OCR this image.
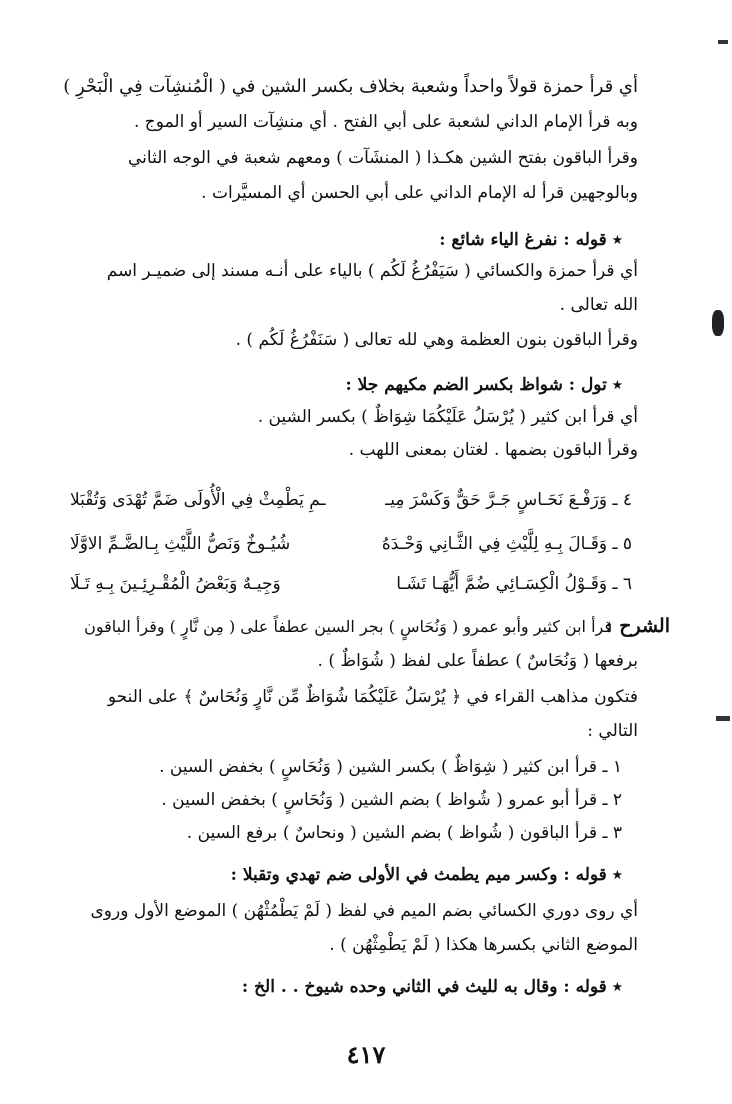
أي قرأ حمزة قولاً واحداً وشعبة بخلاف بكسر الشين في ( الْمُنشِآت فِي الْبَحْرِ )
وبه قرأ الإمام الداني لشعبة على أبي الفتح . أي منشِآت السير أو الموج .
وقرأ الباقون بفتح الشين هكـذا ( المنشَآت ) ومعهم شعبة في الوجه الثاني
وبالوجهين قرأ له الإمام الداني على أبي الحسن أي المسيَّرات .
٭ قوله : نفرغ الياء شائع :
أي قرأ حمزة والكسائي ( سَيَفْرُغُ لَكُم ) بالياء على أنـه مسند إلى ضميـر اسم
الله تعالى .
وقرأ الباقون بنون العظمة وهي لله تعالى ( سَنَفْرُغُ لَكُم ) .
٭ تول : شواظ بكسر الضم مكيهم جلا :
أي قرأ ابن كثير ( يُرْسَلُ عَلَيْكُمَا شِوَاظٌ ) بكسر الشين .
وقرأ الباقون بضمها . لغتان بمعنى اللهب .
٤ ـ وَرَفْـعَ نَحَـاسٍ جَـرَّ حَقٌّ وَكَسْرَ مِيـ
ـمِ يَطْمِثْ فِي الْأُولَى ضَمَّ تُهْدَى وَتُقْبَلا
٥ ـ وَقَـالَ بِـهِ لِلَّيْثِ فِي الثَّـانِي وَحْـدَهُ
شُيُـوخٌ وَنَصُّ اللَّيْثِ بِـالضَّـمِّ الاوَّلَا
٦ ـ وَقَـوْلُ الْكِسَـائِي ضُمَّ أَيُّهَـا تَشَـا
وَجِيـهٌ وَبَعْضُ الْمُقْـرِئِـينَ بِـهِ تَـلَا
الشرح :
قرأ ابن كثير وأبو عمرو ( وَنُحَاسٍ ) بجر السين عطفاً على ( مِن نَّارٍ ) وقرأ الباقون
برفعها ( وَنُحَاسٌ ) عطفاً على لفظ ( شُوَاظٌ ) .
فتكون مذاهب القراء في ﴿ يُرْسَلُ عَلَيْكُمَا شُوَاظٌ مِّن نَّارٍ وَنُحَاسٌ ﴾ على النحو
التالي :
١ ـ قرأ ابن كثير ( شِوَاظٌ ) بكسر الشين ( وَنُحَاسٍ ) بخفض السين .
٢ ـ قرأ أبو عمرو ( شُواظ ) بضم الشين ( وَنُحَاسٍ ) بخفض السين .
٣ ـ قرأ الباقون ( شُواظ ) بضم الشين ( ونحاسٌ ) برفع السين .
٭ قوله : وكسر ميم يطمث في الأولى ضم تهدي وتقبلا :
أي روى دوري الكسائي بضم الميم في لفظ ( لَمْ يَطْمُثْهُن ) الموضع الأول وروى
الموضع الثاني بكسرها هكذا ( لَمْ يَطْمِثْهُن ) .
٭ قوله : وقال به لليث في الثاني وحده شيوخ . . الخ :
٤١٧
